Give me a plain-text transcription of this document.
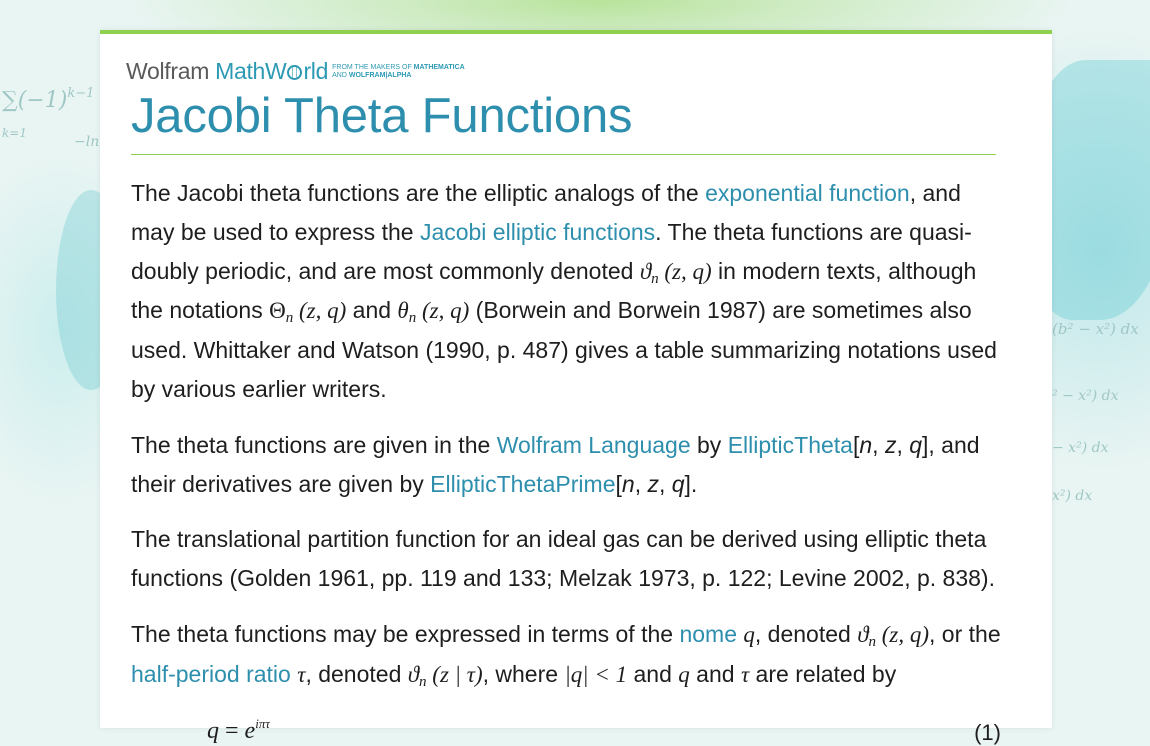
$\sum(-1)^{k-1}$
k=1
−ln
(b² − x²) dx
² − x²) dx
− x²) dx
x²) dx
Wolfram MathW rld FROM THE MAKERS OF MATHEMATICA
AND WOLFRAM|ALPHA
Jacobi Theta Functions

The Jacobi theta functions are the elliptic analogs of the exponential function, and may be used to express the Jacobi elliptic functions. The theta functions are quasi-doubly periodic, and are most commonly denoted $ϑ_n$ (z, q) in modern texts, although the notations $\Theta_n$ (z, q) and $\theta_n$ (z, q) (Borwein and Borwein 1987) are sometimes also used. Whittaker and Watson (1990, p. 487) gives a table summarizing notations used by various earlier writers.

The theta functions are given in the Wolfram Language by EllipticTheta[n, z, q], and their derivatives are given by EllipticThetaPrime[n, z, q].

The translational partition function for an ideal gas can be derived using elliptic theta functions (Golden 1961, pp. 119 and 133; Melzak 1973, p. 122; Levine 2002, p. 838).

The theta functions may be expressed in terms of the nome q, denoted $ϑ_n$ (z, q), or the half-period ratio τ, denoted $ϑ_n$ (z | τ), where |q| < 1 and q and τ are related by

$q = e^{i\pi\tau}$	(1)
